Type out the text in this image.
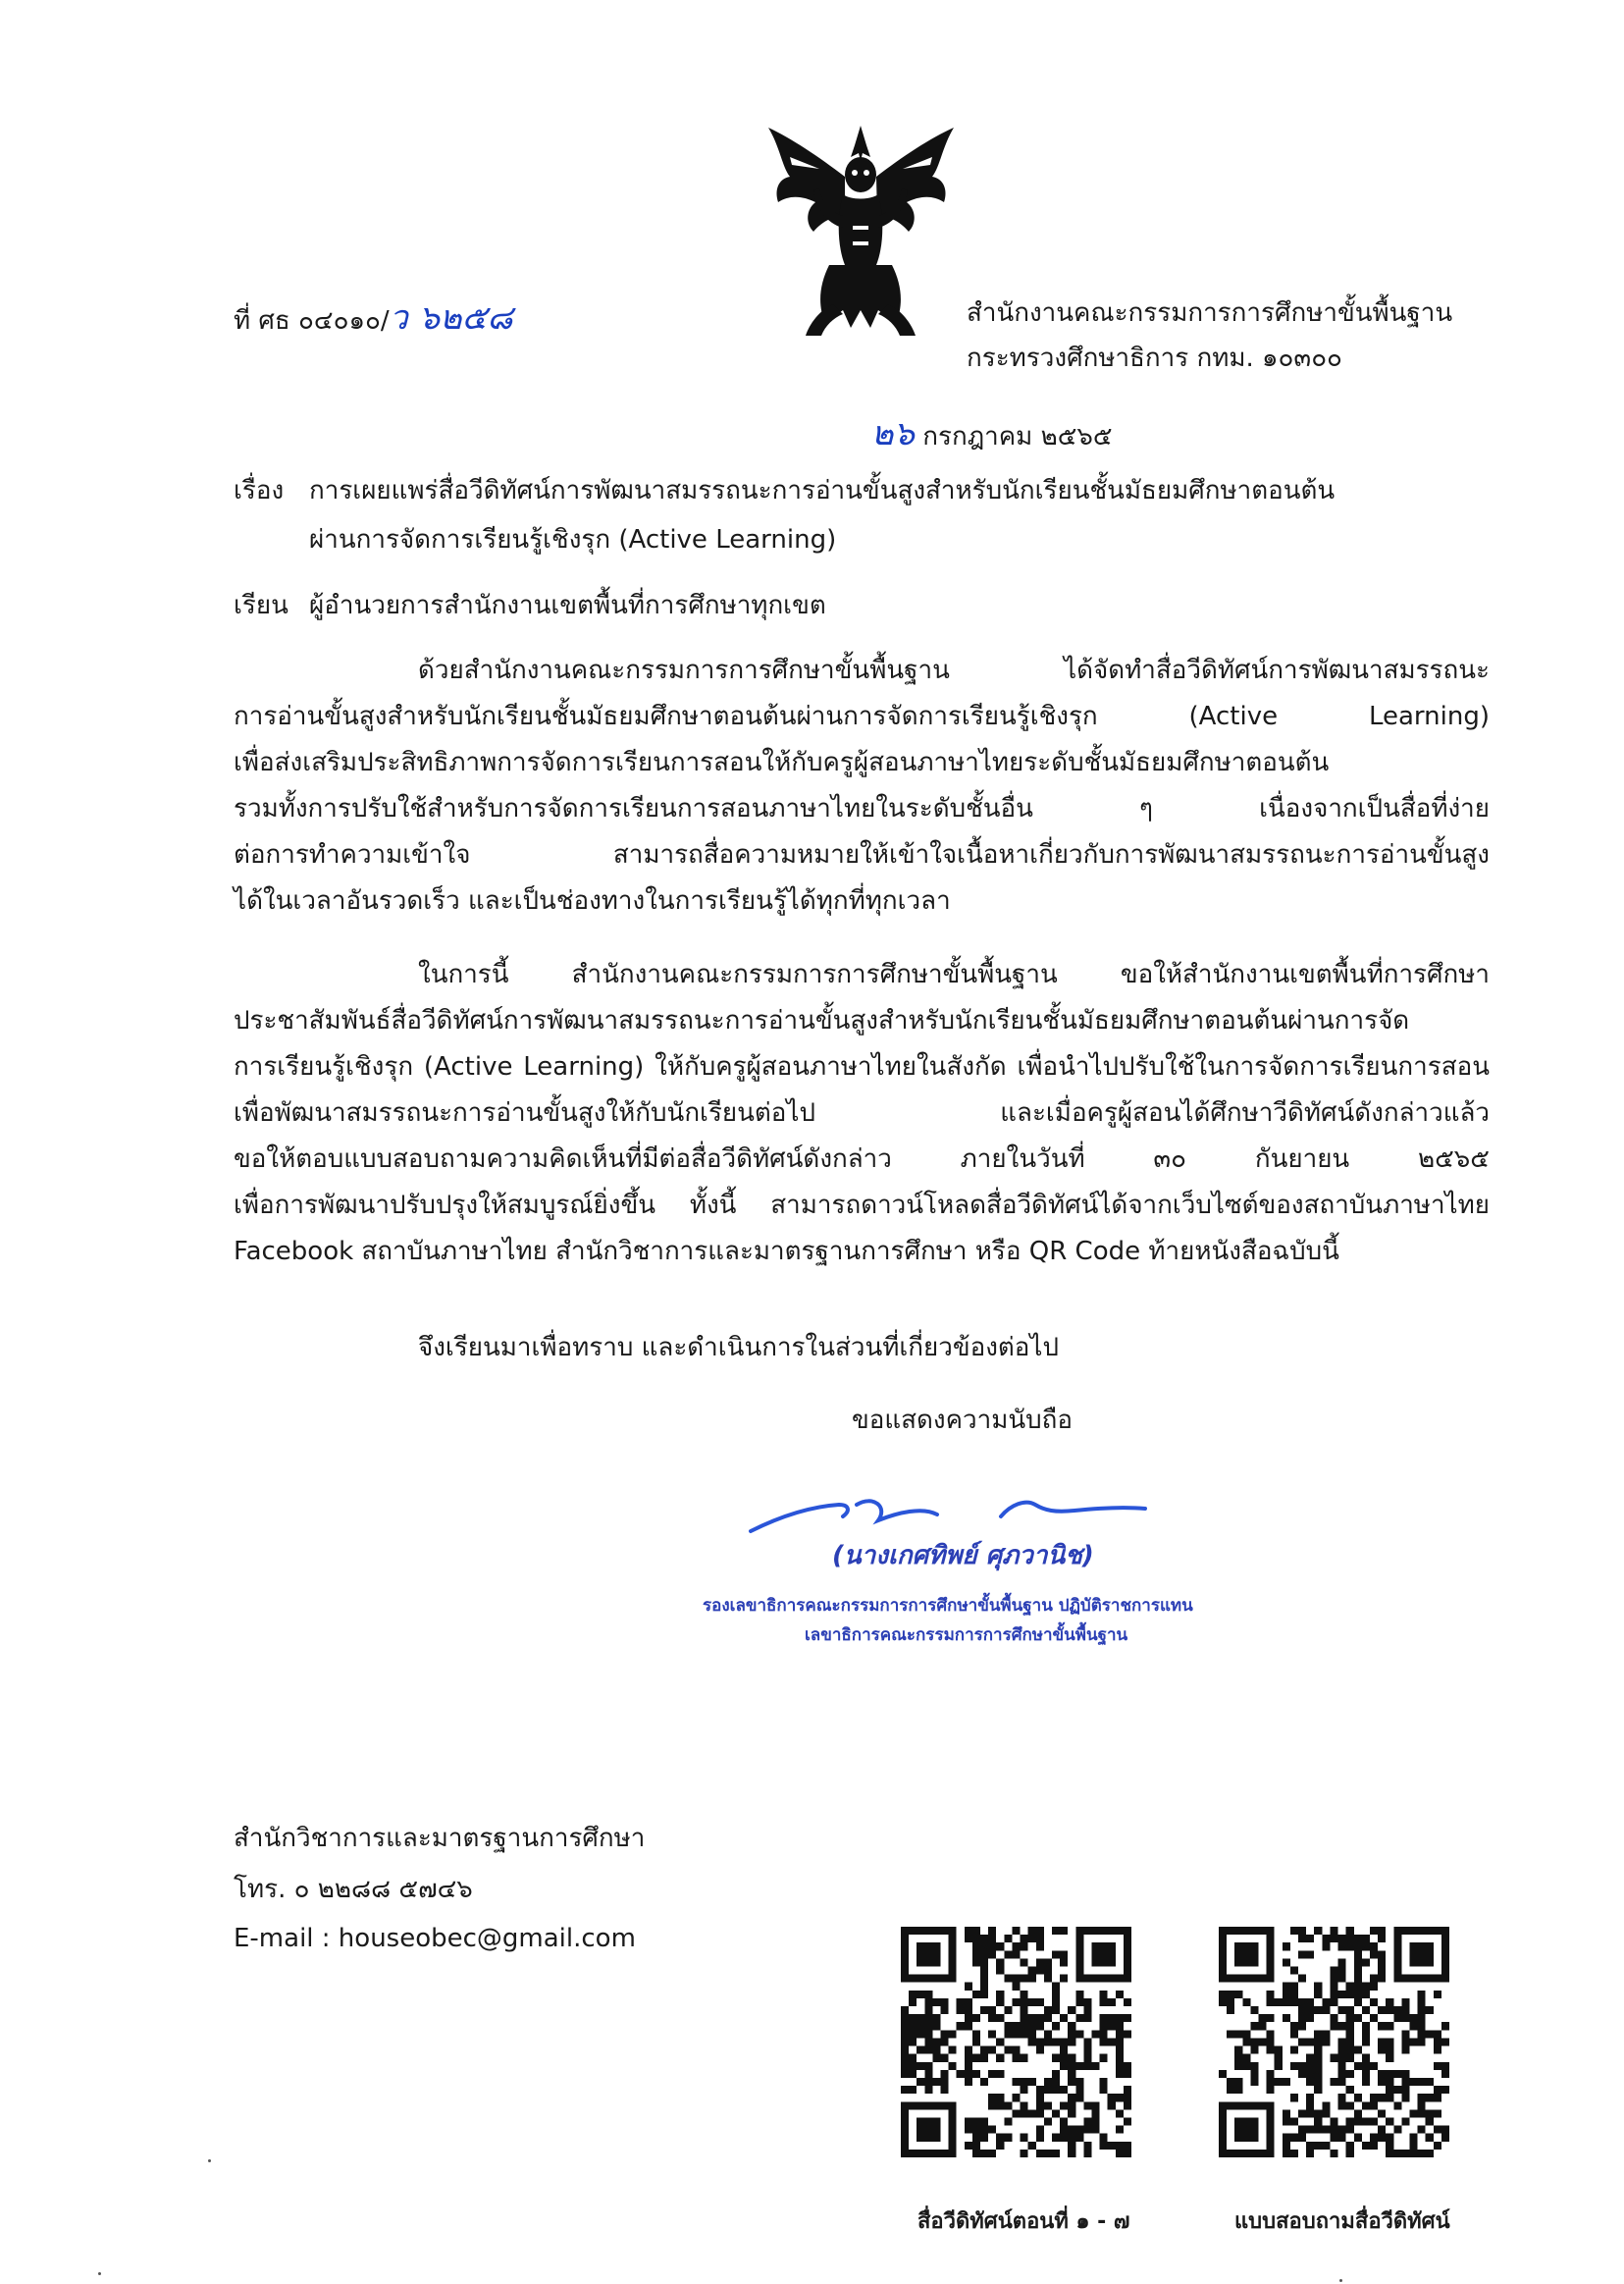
ที่ ศธ ๐๔๐๑๐/ว ๖๒๕๘	สำนักงานคณะกรรมการการศึกษาขั้นพื้นฐาน
กระทรวงศึกษาธิการ กทม. ๑๐๓๐๐
๒๖ กรกฎาคม ๒๕๖๕
เรื่อง การเผยแพร่สื่อวีดิทัศน์การพัฒนาสมรรถนะการอ่านขั้นสูงสำหรับนักเรียนชั้นมัธยมศึกษาตอนต้น
ผ่านการจัดการเรียนรู้เชิงรุก (Active Learning)
เรียน ผู้อำนวยการสำนักงานเขตพื้นที่การศึกษาทุกเขต
ด้วยสำนักงานคณะกรรมการการศึกษาขั้นพื้นฐาน ได้จัดทำสื่อวีดิทัศน์การพัฒนาสมรรถนะ
การอ่านขั้นสูงสำหรับนักเรียนชั้นมัธยมศึกษาตอนต้นผ่านการจัดการเรียนรู้เชิงรุก (Active Learning)
เพื่อส่งเสริมประสิทธิภาพการจัดการเรียนการสอนให้กับครูผู้สอนภาษาไทยระดับชั้นมัธยมศึกษาตอนต้น
รวมทั้งการปรับใช้สำหรับการจัดการเรียนการสอนภาษาไทยในระดับชั้นอื่น ๆ เนื่องจากเป็นสื่อที่ง่าย
ต่อการทำความเข้าใจ สามารถสื่อความหมายให้เข้าใจเนื้อหาเกี่ยวกับการพัฒนาสมรรถนะการอ่านขั้นสูง
ได้ในเวลาอันรวดเร็ว และเป็นช่องทางในการเรียนรู้ได้ทุกที่ทุกเวลา
ในการนี้ สำนักงานคณะกรรมการการศึกษาขั้นพื้นฐาน ขอให้สำนักงานเขตพื้นที่การศึกษา
ประชาสัมพันธ์สื่อวีดิทัศน์การพัฒนาสมรรถนะการอ่านขั้นสูงสำหรับนักเรียนชั้นมัธยมศึกษาตอนต้นผ่านการจัด
การเรียนรู้เชิงรุก (Active Learning) ให้กับครูผู้สอนภาษาไทยในสังกัด เพื่อนำไปปรับใช้ในการจัดการเรียนการสอน
เพื่อพัฒนาสมรรถนะการอ่านขั้นสูงให้กับนักเรียนต่อไป และเมื่อครูผู้สอนได้ศึกษาวีดิทัศน์ดังกล่าวแล้ว
ขอให้ตอบแบบสอบถามความคิดเห็นที่มีต่อสื่อวีดิทัศน์ดังกล่าว ภายในวันที่ ๓๐ กันยายน ๒๕๖๕
เพื่อการพัฒนาปรับปรุงให้สมบูรณ์ยิ่งขึ้น ทั้งนี้ สามารถดาวน์โหลดสื่อวีดิทัศน์ได้จากเว็บไซต์ของสถาบันภาษาไทย
Facebook สถาบันภาษาไทย สำนักวิชาการและมาตรฐานการศึกษา หรือ QR Code ท้ายหนังสือฉบับนี้
จึงเรียนมาเพื่อทราบ และดำเนินการในส่วนที่เกี่ยวข้องต่อไป
ขอแสดงความนับถือ
(นางเกศทิพย์ ศุภวานิช)
รองเลขาธิการคณะกรรมการการศึกษาขั้นพื้นฐาน ปฏิบัติราชการแทน
เลขาธิการคณะกรรมการการศึกษาขั้นพื้นฐาน
สำนักวิชาการและมาตรฐานการศึกษา
โทร. ๐ ๒๒๘๘ ๕๗๔๖
E-mail : houseobec@gmail.com
สื่อวีดิทัศน์ตอนที่ ๑ - ๗	แบบสอบถามสื่อวีดิทัศน์
